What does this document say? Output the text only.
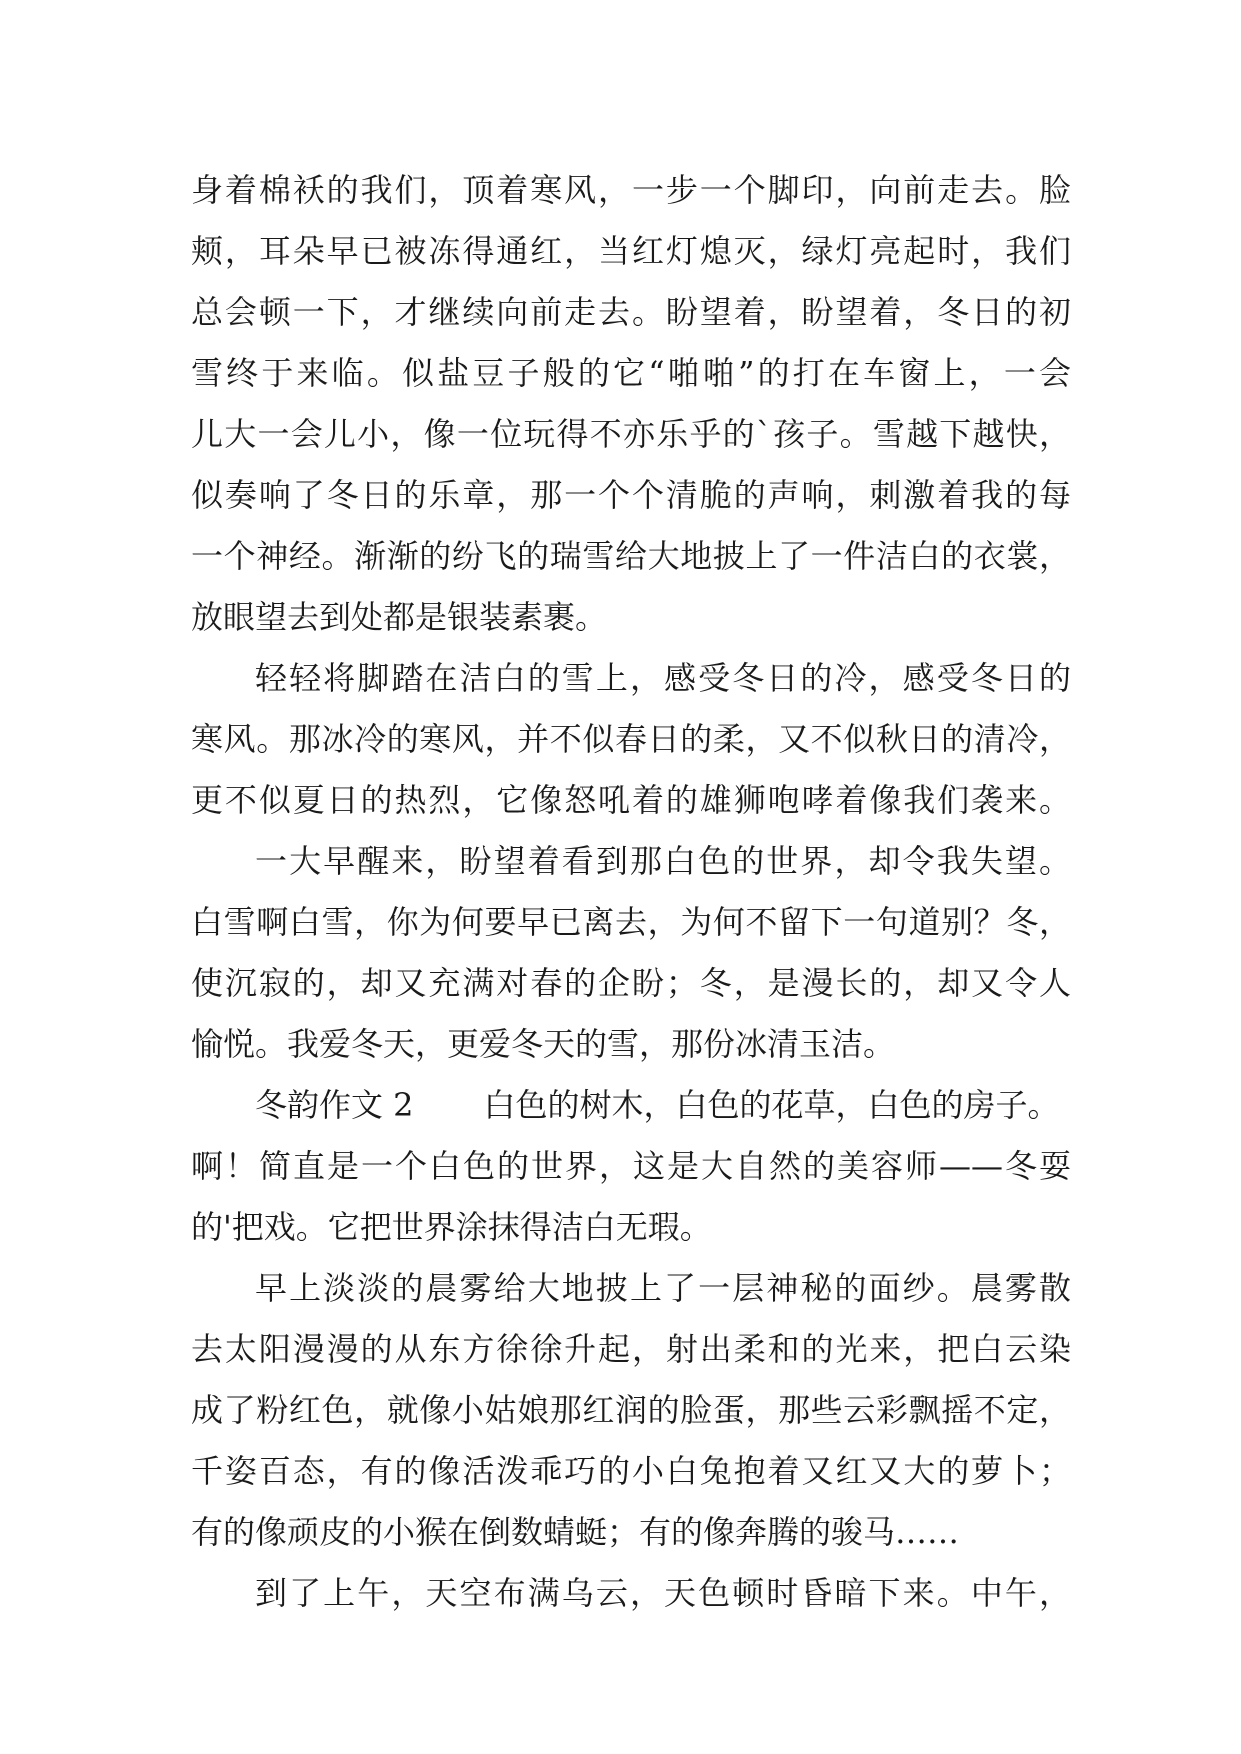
身着棉袄的我们，顶着寒风，一步一个脚印，向前走去。脸
颊，耳朵早已被冻得通红，当红灯熄灭，绿灯亮起时，我们
总会顿一下，才继续向前走去。盼望着，盼望着，冬日的初
雪终于来临。似盐豆子般的它“啪啪”的打在车窗上，一会
儿大一会儿小，像一位玩得不亦乐乎的`孩子。雪越下越快，
似奏响了冬日的乐章，那一个个清脆的声响，刺激着我的每
一个神经。渐渐的纷飞的瑞雪给大地披上了一件洁白的衣裳，
放眼望去到处都是银装素裹。
轻轻将脚踏在洁白的雪上，感受冬日的冷，感受冬日的
寒风。那冰冷的寒风，并不似春日的柔，又不似秋日的清冷，
更不似夏日的热烈，它像怒吼着的雄狮咆哮着像我们袭来。
一大早醒来，盼望着看到那白色的世界，却令我失望。
白雪啊白雪，你为何要早已离去，为何不留下一句道别？冬，
使沉寂的，却又充满对春的企盼；冬，是漫长的，却又令人
愉悦。我爱冬天，更爱冬天的雪，那份冰清玉洁。
冬韵作文 2 白色的树木，白色的花草，白色的房子。
啊！简直是一个白色的世界，这是大自然的美容师——冬耍
的'把戏。它把世界涂抹得洁白无瑕。
早上淡淡的晨雾给大地披上了一层神秘的面纱。晨雾散
去太阳漫漫的从东方徐徐升起，射出柔和的光来，把白云染
成了粉红色，就像小姑娘那红润的脸蛋，那些云彩飘摇不定，
千姿百态，有的像活泼乖巧的小白兔抱着又红又大的萝卜；
有的像顽皮的小猴在倒数蜻蜓；有的像奔腾的骏马……
到了上午，天空布满乌云，天色顿时昏暗下来。中午，
